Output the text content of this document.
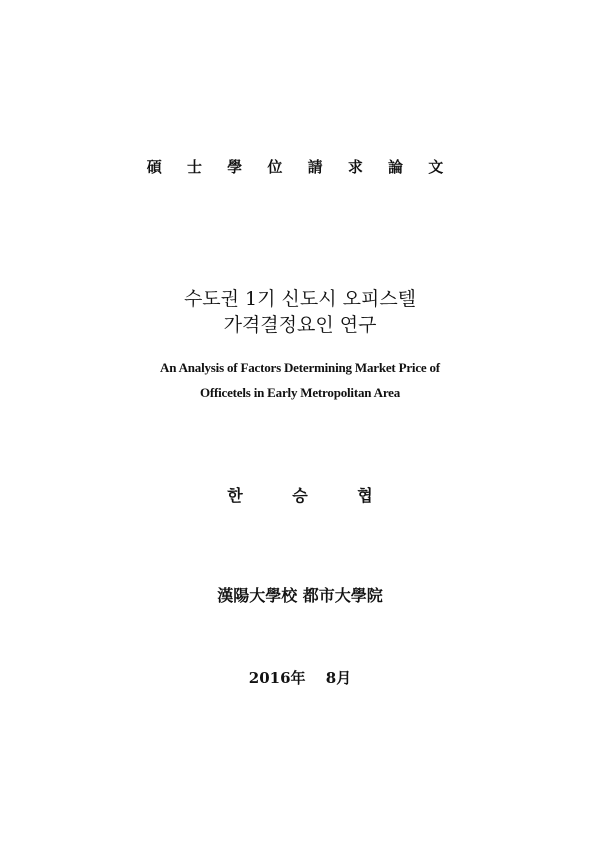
碩 士 學 位 請 求 論 文
수도권 1기 신도시 오피스텔
가격결정요인 연구
An Analysis of Factors Determining Market Price of
Officetels in Early Metropolitan Area
한 승 협
漢陽大學校 都市大學院
2016年　 8月
